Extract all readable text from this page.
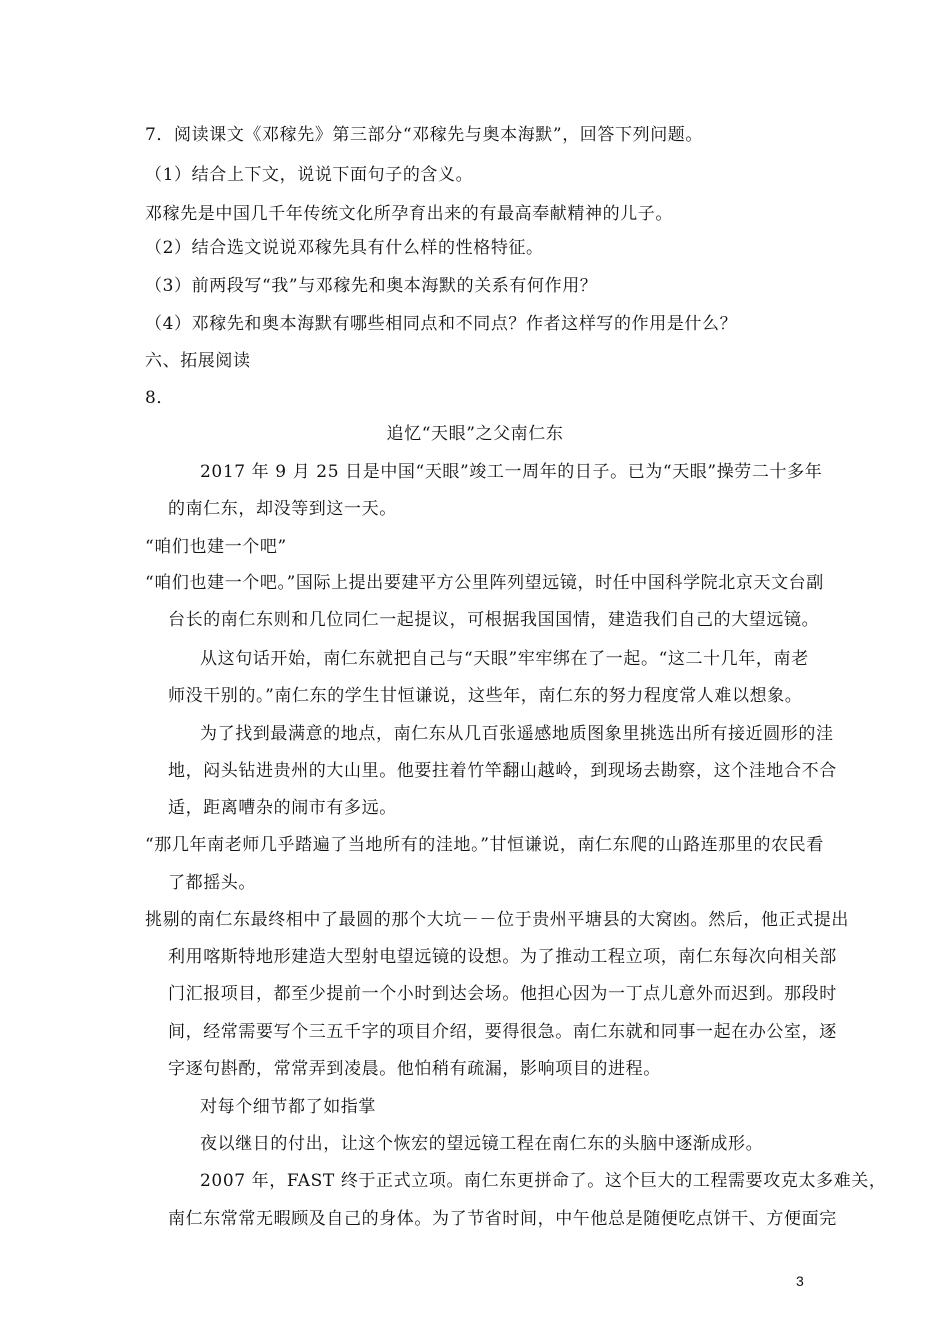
7．阅读课文《邓稼先》第三部分“邓稼先与奥本海默”，回答下列问题。
（1）结合上下文，说说下面句子的含义。
邓稼先是中国几千年传统文化所孕育出来的有最高奉献精神的儿子。
（2）结合选文说说邓稼先具有什么样的性格特征。
（3）前两段写“我”与邓稼先和奥本海默的关系有何作用？
（4）邓稼先和奥本海默有哪些相同点和不同点？作者这样写的作用是什么？
六、拓展阅读
8．
追忆“天眼”之父南仁东
2017 年 9 月 25 日是中国“天眼”竣工一周年的日子。已为“天眼”操劳二十多年
的南仁东，却没等到这一天。
“咱们也建一个吧”
“咱们也建一个吧。”国际上提出要建平方公里阵列望远镜，时任中国科学院北京天文台副
台长的南仁东则和几位同仁一起提议，可根据我国国情，建造我们自己的大望远镜。
从这句话开始，南仁东就把自己与“天眼”牢牢绑在了一起。“这二十几年，南老
师没干别的。”南仁东的学生甘恒谦说，这些年，南仁东的努力程度常人难以想象。
为了找到最满意的地点，南仁东从几百张遥感地质图象里挑选出所有接近圆形的洼
地，闷头钻进贵州的大山里。他要拄着竹竿翻山越岭，到现场去勘察，这个洼地合不合
适，距离嘈杂的闹市有多远。
“那几年南老师几乎踏遍了当地所有的洼地。”甘恒谦说，南仁东爬的山路连那里的农民看
了都摇头。
挑剔的南仁东最终相中了最圆的那个大坑－－位于贵州平塘县的大窝凼。然后，他正式提出
利用喀斯特地形建造大型射电望远镜的设想。为了推动工程立项，南仁东每次向相关部
门汇报项目，都至少提前一个小时到达会场。他担心因为一丁点儿意外而迟到。那段时
间，经常需要写个三五千字的项目介绍，要得很急。南仁东就和同事一起在办公室，逐
字逐句斟酌，常常弄到凌晨。他怕稍有疏漏，影响项目的进程。
对每个细节都了如指掌
夜以继日的付出，让这个恢宏的望远镜工程在南仁东的头脑中逐渐成形。
2007 年，FAST 终于正式立项。南仁东更拼命了。这个巨大的工程需要攻克太多难关，
南仁东常常无暇顾及自己的身体。为了节省时间，中午他总是随便吃点饼干、方便面完
3
